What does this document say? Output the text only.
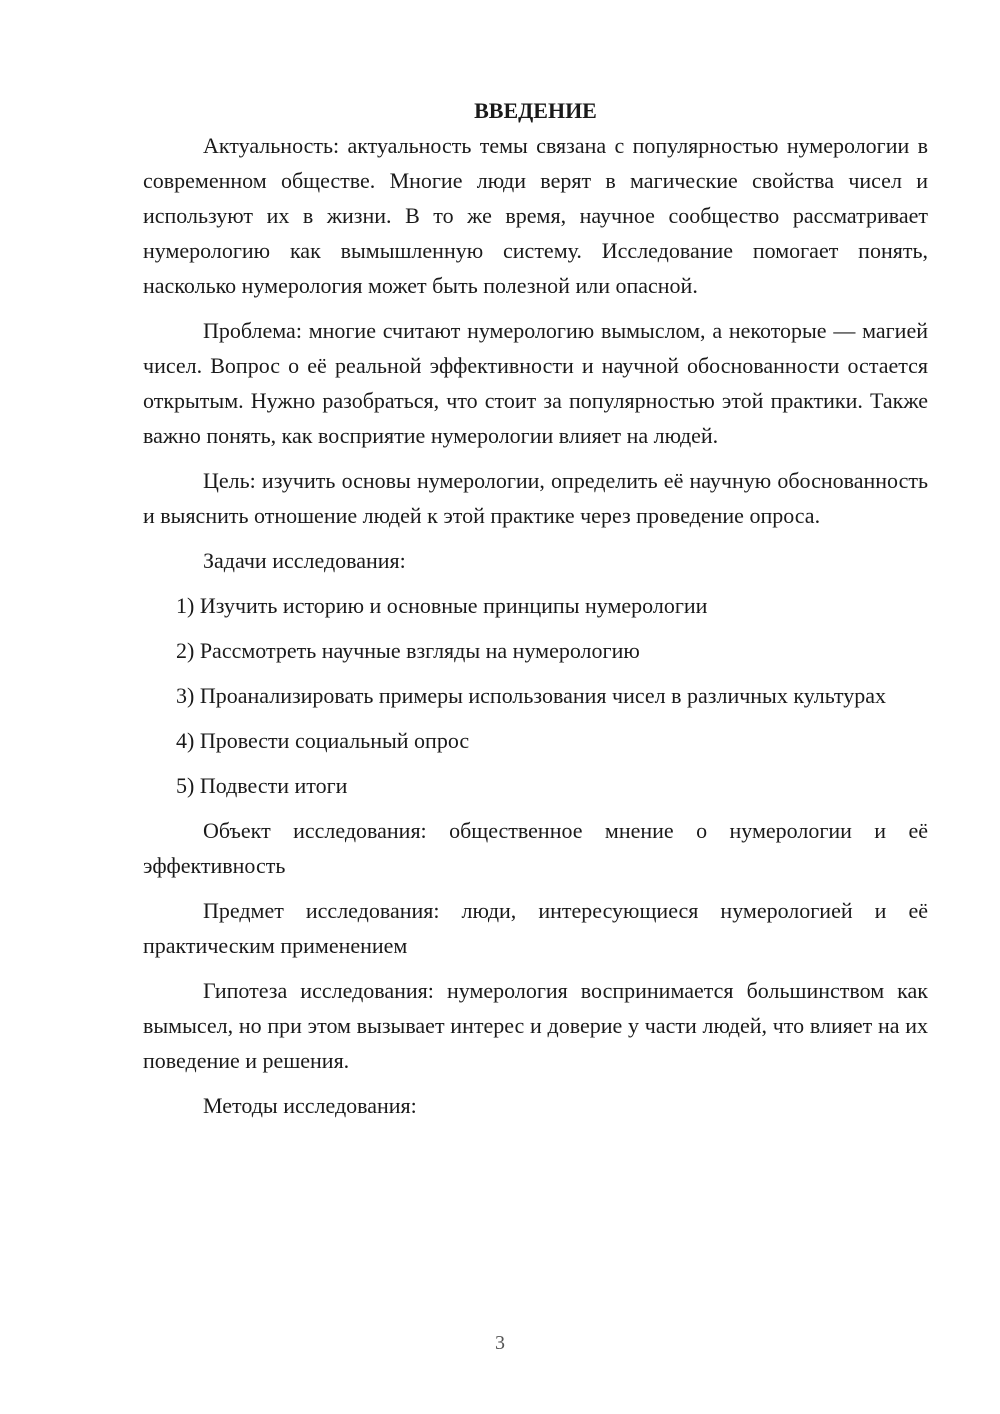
ВВЕДЕНИЕ

Актуальность: актуальность темы связана с популярностью нумерологии в современном обществе. Многие люди верят в магические свойства чисел и используют их в жизни. В то же время, научное сообщество рассматривает нумерологию как вымышленную систему. Исследование помогает понять, насколько нумерология может быть полезной или опасной.

Проблема: многие считают нумерологию вымыслом, а некоторые — магией чисел. Вопрос о её реальной эффективности и научной обоснованности остается открытым. Нужно разобраться, что стоит за популярностью этой практики. Также важно понять, как восприятие нумерологии влияет на людей.

Цель: изучить основы нумерологии, определить её научную обоснованность и выяснить отношение людей к этой практике через проведение опроса.

Задачи исследования:

1) Изучить историю и основные принципы нумерологии

2) Рассмотреть научные взгляды на нумерологию

3) Проанализировать примеры использования чисел в различных культурах

4) Провести социальный опрос

5) Подвести итоги

Объект исследования: общественное мнение о нумерологии и её эффективность

Предмет исследования: люди, интересующиеся нумерологией и её практическим применением

Гипотеза исследования: нумерология воспринимается большинством как вымысел, но при этом вызывает интерес и доверие у части людей, что влияет на их поведение и решения.

Методы исследования:

3
